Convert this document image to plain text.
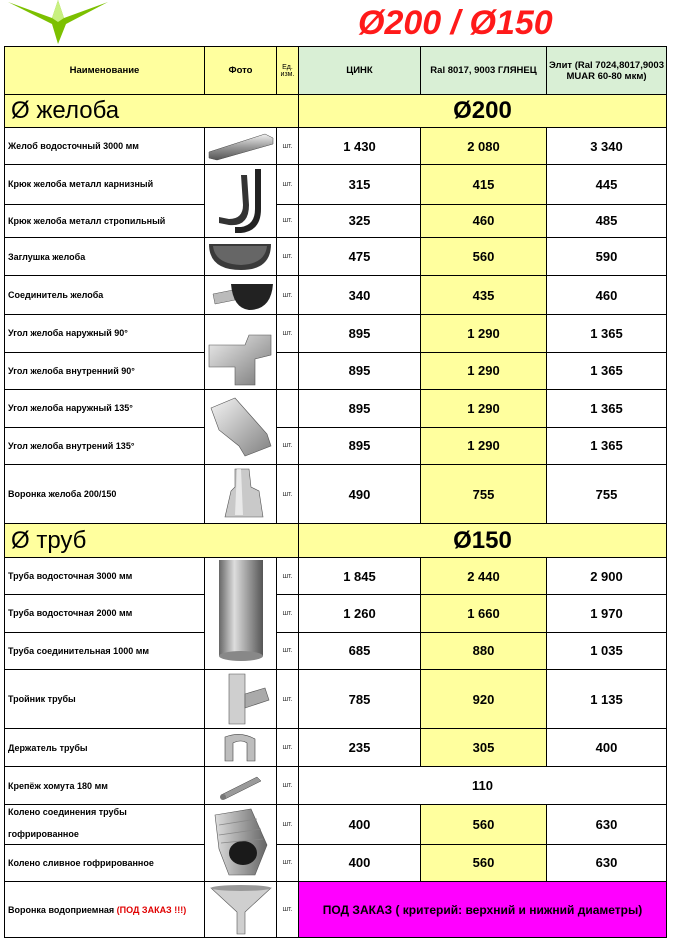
Ø200 / Ø150
Наименование	Фото	Ед. изм.	ЦИНК	Ral 8017, 9003 ГЛЯНЕЦ	Элит (Ral 7024,8017,9003 MUAR 60-80 мкм)
Ø желоба			Ø200		
Желоб водосточный 3000 мм		шт.	1 430	2 080	3 340
Крюк желоба металл карнизный		шт.	315	415	445
Крюк желоба металл стропильный		шт.	325	460	485
Заглушка желоба		шт.	475	560	590
Соединитель желоба		шт.	340	435	460
Угол желоба наружный 90°		шт.	895	1 290	1 365
Угол желоба внутренний 90°			895	1 290	1 365
Угол желоба наружный 135°			895	1 290	1 365
Угол желоба внутрений 135°		шт.	895	1 290	1 365
Воронка желоба 200/150		шт.	490	755	755
Ø труб			Ø150		
Труба водосточная 3000 мм		шт.	1 845	2 440	2 900
Труба водосточная 2000 мм		шт.	1 260	1 660	1 970
Труба соединительная 1000 мм		шт.	685	880	1 035
Тройник трубы		шт.	785	920	1 135
Держатель трубы		шт.	235	305	400
Крепёж хомута 180 мм		шт.	110		

Колено соединения трубы
гофрированное		шт.	400	560	630
Колено сливное гофрированное		шт.	400	560	630
Воронка водоприемная (ПОД ЗАКАЗ !!!)		шт.	ПОД ЗАКАЗ ( критерий: верхний и нижний диаметры)		
